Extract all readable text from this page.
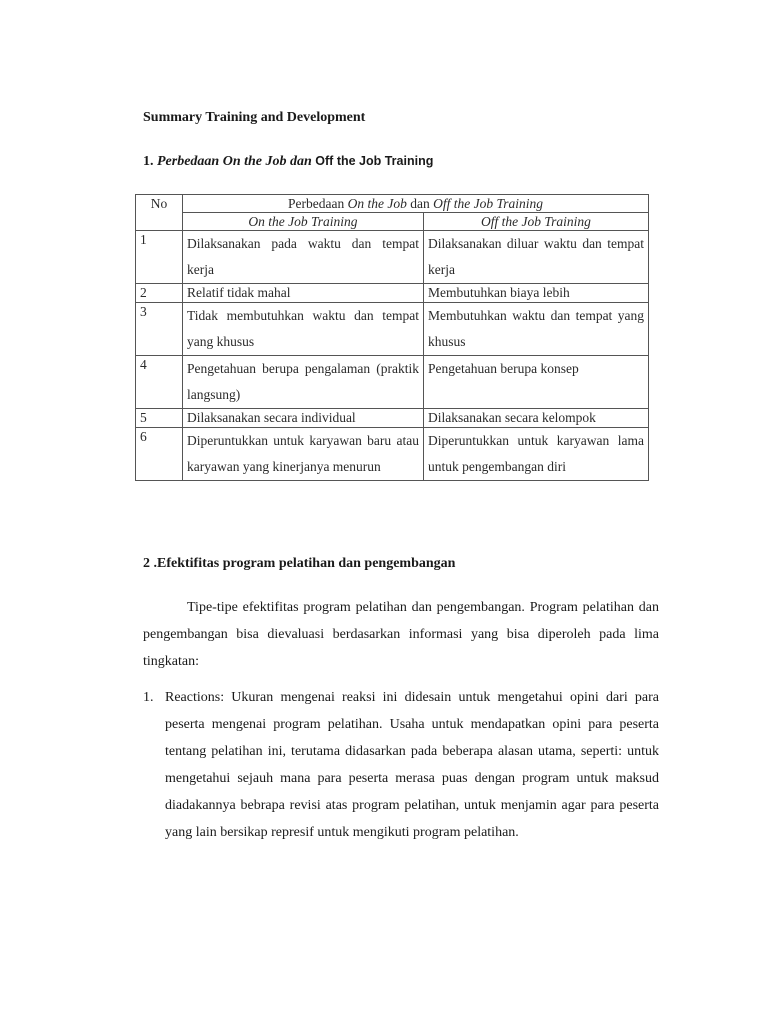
Summary Training and Development
1. Perbedaan On the Job dan Off the Job Training
No	Perbedaan On the Job dan Off the Job Training	
	On the Job Training	Off the Job Training
1	Dilaksanakan pada waktu dan tempat kerja	Dilaksanakan diluar waktu dan tempat kerja
2	Relatif tidak mahal	Membutuhkan biaya lebih
3	Tidak membutuhkan waktu dan tempat yang khusus	Membutuhkan waktu dan tempat yang khusus
4	Pengetahuan berupa pengalaman (praktik langsung)	Pengetahuan berupa konsep
5	Dilaksanakan secara individual	Dilaksanakan secara kelompok
6	Diperuntukkan untuk karyawan baru atau karyawan yang kinerjanya menurun	Diperuntukkan untuk karyawan lama untuk pengembangan diri
2 .Efektifitas program pelatihan dan pengembangan
Tipe-tipe efektifitas program pelatihan dan pengembangan. Program pelatihan dan pengembangan bisa dievaluasi berdasarkan informasi yang bisa diperoleh pada lima tingkatan:
1. Reactions: Ukuran mengenai reaksi ini didesain untuk mengetahui opini dari para peserta mengenai program pelatihan. Usaha untuk mendapatkan opini para peserta tentang pelatihan ini, terutama didasarkan pada beberapa alasan utama, seperti: untuk mengetahui sejauh mana para peserta merasa puas dengan program untuk maksud diadakannya bebrapa revisi atas program pelatihan, untuk menjamin agar para peserta yang lain bersikap represif untuk mengikuti program pelatihan.
